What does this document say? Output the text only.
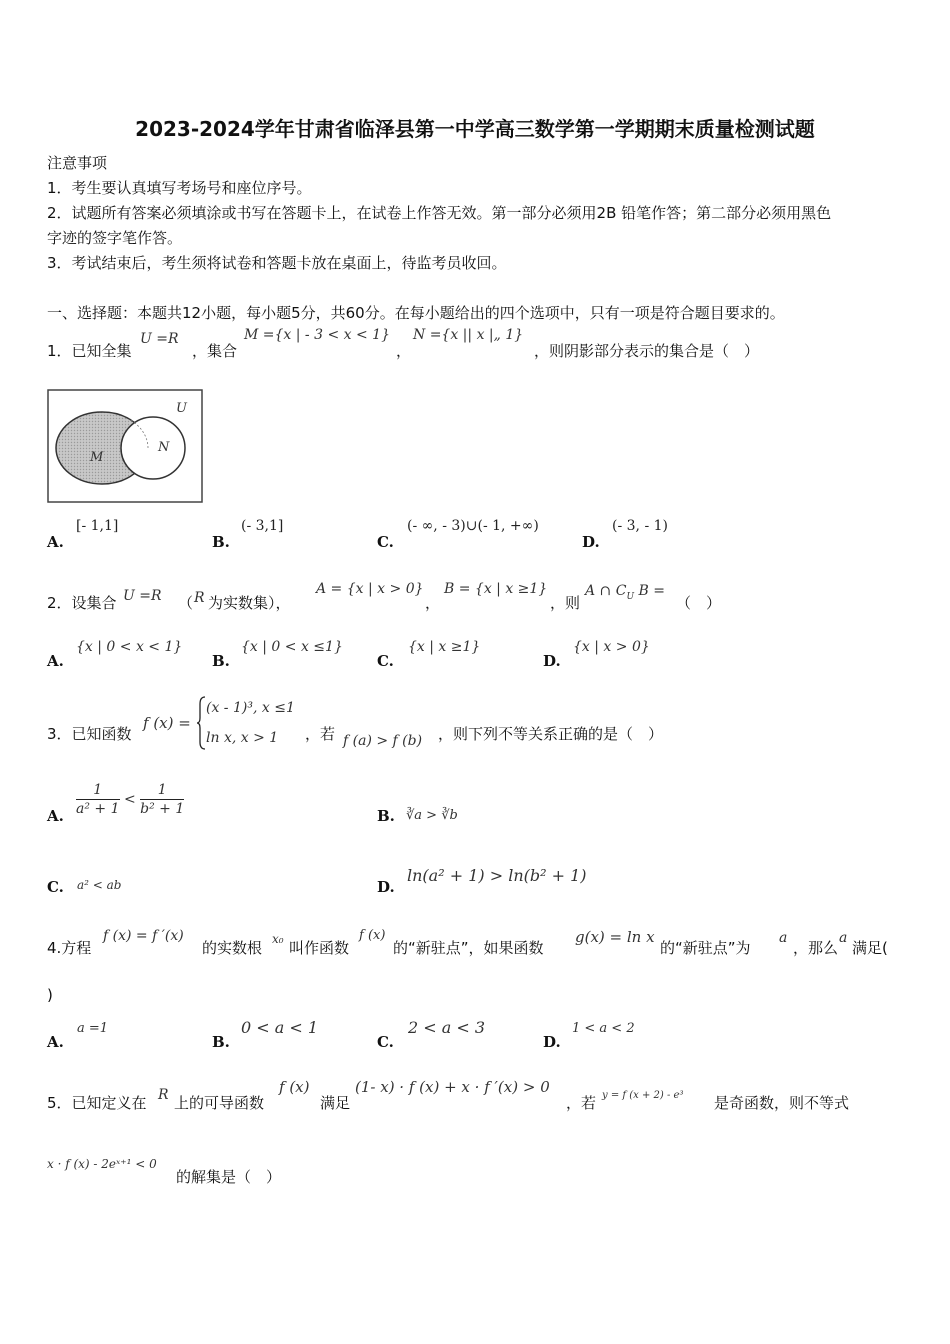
2023-2024学年甘肃省临泽县第一中学高三数学第一学期期末质量检测试题
注意事项
1．考生要认真填写考场号和座位序号。
2．试题所有答案必须填涂或书写在答题卡上，在试卷上作答无效。第一部分必须用2B 铅笔作答；第二部分必须用黑色
字迹的签字笔作答。
3．考试结束后，考生须将试卷和答题卡放在桌面上，待监考员收回。
一、选择题：本题共12小题，每小题5分，共60分。在每小题给出的四个选项中，只有一项是符合题目要求的。
1．已知全集
U =R
，集合
M ={x | - 3 < x < 1}
，
N ={x || x |„ 1}
，则阴影部分表示的集合是（　）
U
M
N
A.
[- 1,1]
B.
(- 3,1]
C.
(- ∞, - 3)∪(- 1, +∞)
D.
(- 3, - 1)
2．设集合 U =R （ R 为实数集），
A = {x | x > 0}
，
B = {x | x ≥1}
，则
A ∩ $C_U$ B =
（　）
A.
{x | 0 < x < 1}
B.
{x | 0 < x ≤1}
C.
{x | x ≥1}
D.
{x | x > 0}
3．已知函数
f (x) =
(x - 1)³, x ≤1
ln x, x > 1 ，若 f (a) > f (b) ，则下列不等关系正确的是（　）
A. $\frac{1}{\text{a² + 1}} < \frac{1}{\text{b² + 1}}$	B. ∛a > ∛b
C. a² < ab	D.
ln(a² + 1) > ln(b² + 1)
4.方程
f (x) = f ′(x)
的实数根 x₀ 叫作函数
f (x)
的“新驻点”，如果函数
g(x) = ln x
的“新驻点”为
a
，那么
a
满足(
)
A.
a =1
B.
0 < a < 1
C.
2 < a < 3
D.
1 < a < 2
5．已知定义在 R 上的可导函数
f (x)
满足
(1- x) · f (x) + x · f ′(x) > 0
，若 y = f (x + 2) - e³ 是奇函数，则不等式
x · f (x) - 2eˣ⁺¹ < 0
的解集是（　）
